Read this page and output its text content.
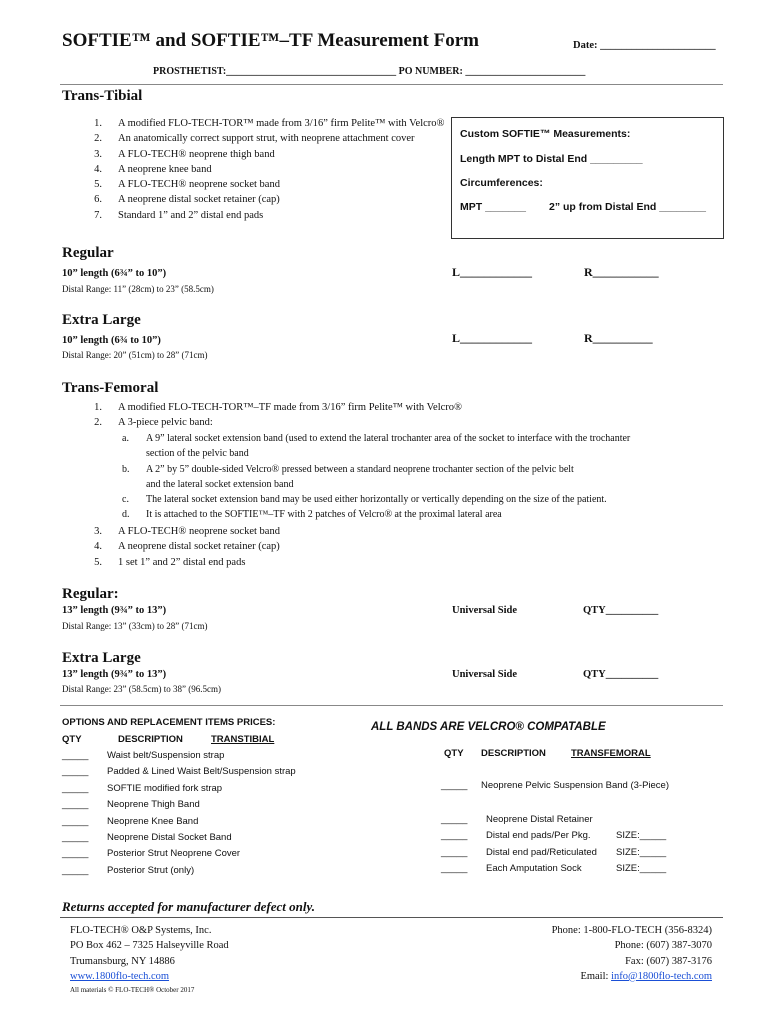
SOFTIE™ and SOFTIE™–TF Measurement Form	Date: ______________________
PROSTHETIST:__________________________________ PO NUMBER: ________________________
Trans-Tibial
1.	A modified FLO-TECH-TOR™ made from 3/16” firm Pelite™ with Velcro®
2.	An anatomically correct support strut, with neoprene attachment cover
3.	A FLO-TECH® neoprene thigh band
4.	A neoprene knee band
5.	A FLO-TECH® neoprene socket band
6.	A neoprene distal socket retainer (cap)
7.	Standard 1” and 2” distal end pads
Custom SOFTIE™ Measurements:
Length MPT to Distal End _________
Circumferences:
MPT _______ 2” up from Distal End ________
Regular
10” length (6¾” to 10”)
Distal Range: 11” (28cm) to 23” (58.5cm)
L____________	R___________
Extra Large
10” length (6¾ to 10”)
Distal Range: 20” (51cm) to 28” (71cm)
L____________	R__________
Trans-Femoral
1.	A modified FLO-TECH-TOR™–TF made from 3/16” firm Pelite™ with Velcro®
2.	A 3-piece pelvic band:
a.	A 9” lateral socket extension band (used to extend the lateral trochanter area of the socket to interface with the trochanter
section of the pelvic band
b.	A 2” by 5” double-sided Velcro® pressed between a standard neoprene trochanter section of the pelvic belt
and the lateral socket extension band
c.	The lateral socket extension band may be used either horizontally or vertically depending on the size of the patient.
d.	It is attached to the SOFTIE™–TF with 2 patches of Velcro® at the proximal lateral area
3.	A FLO-TECH® neoprene socket band
4.	A neoprene distal socket retainer (cap)
5.	1 set 1” and 2” distal end pads
Regular:
13” length (9¾” to 13”)
Distal Range: 13” (33cm) to 28” (71cm)
Universal Side	QTY__________
Extra Large
13” length (9¾” to 13”)
Distal Range: 23” (58.5cm) to 38” (96.5cm)
Universal Side	QTY__________
OPTIONS AND REPLACEMENT ITEMS PRICES:
QTY	DESCRIPTION	TRANSTIBIAL
_____ Waist belt/Suspension strap
_____ Padded & Lined Waist Belt/Suspension strap
_____ SOFTIE modified fork strap
_____ Neoprene Thigh Band
_____ Neoprene Knee Band
_____ Neoprene Distal Socket Band
_____ Posterior Strut Neoprene Cover
_____ Posterior Strut (only)
ALL BANDS ARE VELCRO® COMPATABLE
QTY DESCRIPTION	TRANSFEMORAL
_____ Neoprene Pelvic Suspension Band (3-Piece)
_____ Neoprene Distal Retainer
_____ Distal end pads/Per Pkg.	SIZE:_____
_____ Distal end pad/Reticulated SIZE:_____
_____ Each Amputation Sock	SIZE:_____
Returns accepted for manufacturer defect only.
FLO-TECH® O&P Systems, Inc.
PO Box 462 – 7325 Halseyville Road
Trumansburg, NY 14886
www.1800flo-tech.com
All materials © FLO-TECH® October 2017
Phone: 1-800-FLO-TECH (356-8324)
Phone: (607) 387-3070
Fax: (607) 387-3176
Email: info@1800flo-tech.com
